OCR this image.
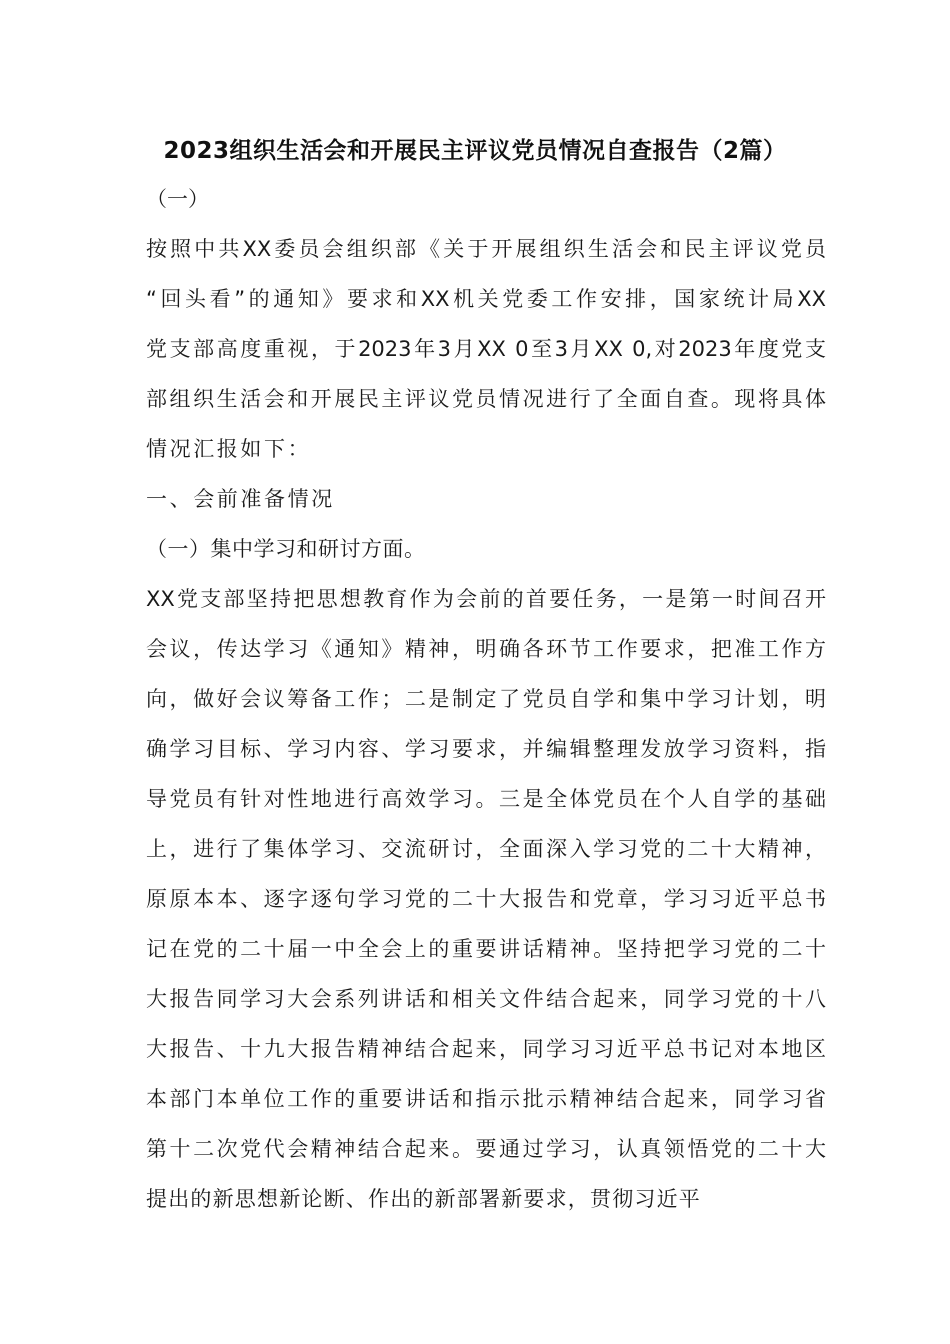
2023组织生活会和开展民主评议党员情况自查报告（2篇）
（一）
按照中共XX委员会组织部《关于开展组织生活会和民主评议党员
“回头看”的通知》要求和XX机关党委工作安排，国家统计局XX
党支部高度重视，于2023年3月XX 0至3月XX 0,对2023年度党支
部组织生活会和开展民主评议党员情况进行了全面自查。现将具体
情况汇报如下：
一、会前准备情况
（一）集中学习和研讨方面。
XX党支部坚持把思想教育作为会前的首要任务，一是第一时间召开
会议，传达学习《通知》精神，明确各环节工作要求，把准工作方
向，做好会议筹备工作；二是制定了党员自学和集中学习计划，明
确学习目标、学习内容、学习要求，并编辑整理发放学习资料，指
导党员有针对性地进行高效学习。三是全体党员在个人自学的基础
上，进行了集体学习、交流研讨，全面深入学习党的二十大精神，
原原本本、逐字逐句学习党的二十大报告和党章，学习习近平总书
记在党的二十届一中全会上的重要讲话精神。坚持把学习党的二十
大报告同学习大会系列讲话和相关文件结合起来，同学习党的十八
大报告、十九大报告精神结合起来，同学习习近平总书记对本地区
本部门本单位工作的重要讲话和指示批示精神结合起来，同学习省
第十二次党代会精神结合起来。要通过学习，认真领悟党的二十大
提出的新思想新论断、作出的新部署新要求，贯彻习近平
